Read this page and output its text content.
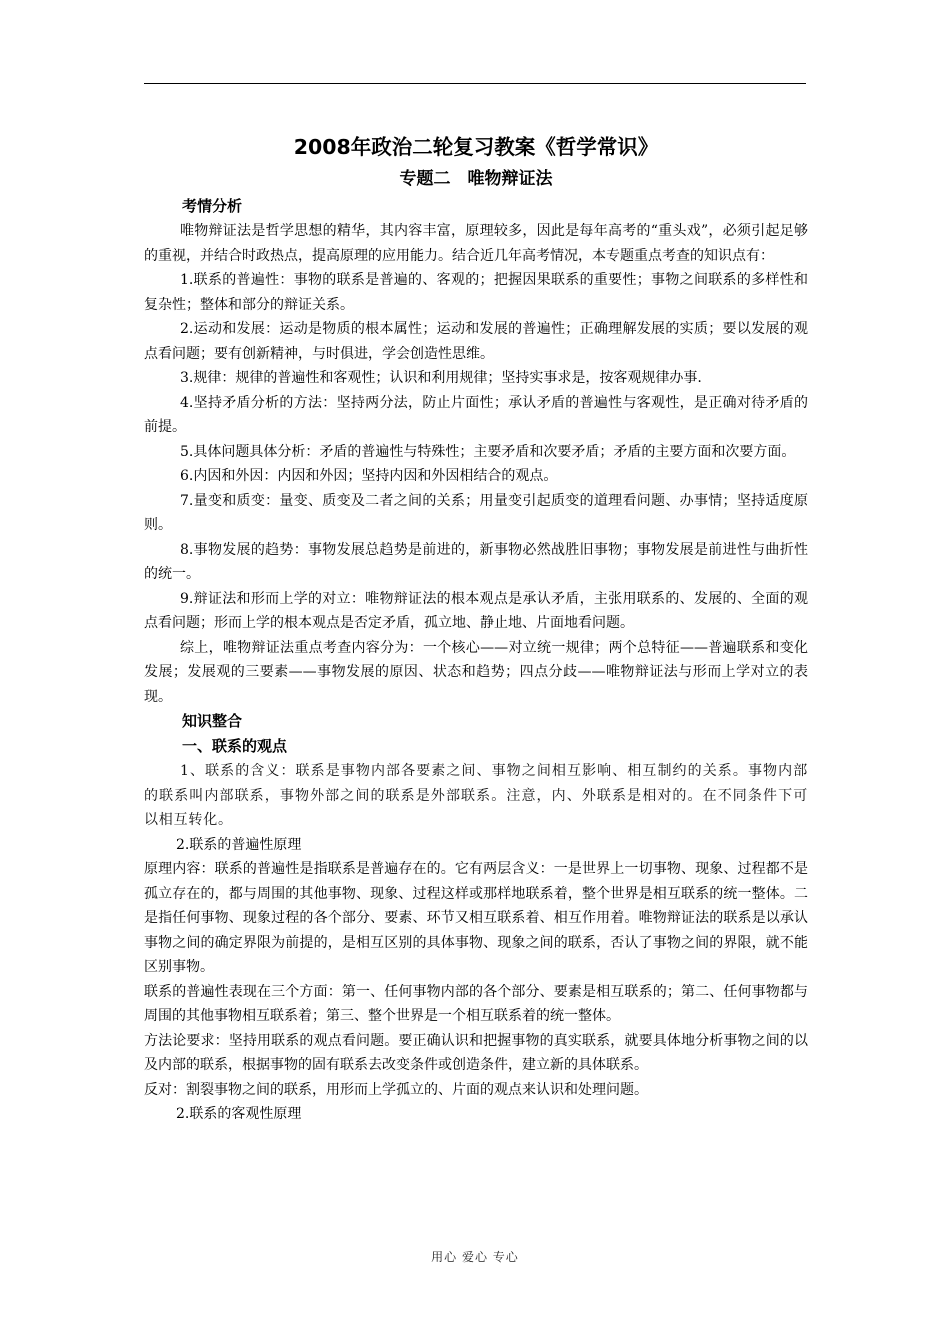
2008年政治二轮复习教案《哲学常识》
专题二　唯物辩证法
考情分析

唯物辩证法是哲学思想的精华，其内容丰富，原理较多，因此是每年高考的“重头戏”，必须引起足够的重视，并结合时政热点，提高原理的应用能力。结合近几年高考情况，本专题重点考查的知识点有：

1.联系的普遍性：事物的联系是普遍的、客观的；把握因果联系的重要性；事物之间联系的多样性和复杂性；整体和部分的辩证关系。

2.运动和发展：运动是物质的根本属性；运动和发展的普遍性；正确理解发展的实质；要以发展的观点看问题；要有创新精神，与时俱进，学会创造性思维。

3.规律：规律的普遍性和客观性；认识和利用规律；坚持实事求是，按客观规律办事.

4.坚持矛盾分析的方法：坚持两分法，防止片面性；承认矛盾的普遍性与客观性，是正确对待矛盾的前提。

5.具体问题具体分析：矛盾的普遍性与特殊性；主要矛盾和次要矛盾；矛盾的主要方面和次要方面。

6.内因和外因：内因和外因；坚持内因和外因相结合的观点。

7.量变和质变：量变、质变及二者之间的关系；用量变引起质变的道理看问题、办事情；坚持适度原则。

8.事物发展的趋势：事物发展总趋势是前进的，新事物必然战胜旧事物；事物发展是前进性与曲折性的统一。

9.辩证法和形而上学的对立：唯物辩证法的根本观点是承认矛盾，主张用联系的、发展的、全面的观点看问题；形而上学的根本观点是否定矛盾，孤立地、静止地、片面地看问题。

综上，唯物辩证法重点考查内容分为：一个核心——对立统一规律；两个总特征——普遍联系和变化发展；发展观的三要素——事物发展的原因、状态和趋势；四点分歧——唯物辩证法与形而上学对立的表现。

知识整合
一、联系的观点

1、联系的含义：联系是事物内部各要素之间、事物之间相互影响、相互制约的关系。事物内部的联系叫内部联系，事物外部之间的联系是外部联系。注意，内、外联系是相对的。在不同条件下可以相互转化。

2.联系的普遍性原理

原理内容：联系的普遍性是指联系是普遍存在的。它有两层含义：一是世界上一切事物、现象、过程都不是孤立存在的，都与周围的其他事物、现象、过程这样或那样地联系着，整个世界是相互联系的统一整体。二是指任何事物、现象过程的各个部分、要素、环节又相互联系着、相互作用着。唯物辩证法的联系是以承认事物之间的确定界限为前提的，是相互区别的具体事物、现象之间的联系，否认了事物之间的界限，就不能区别事物。

联系的普遍性表现在三个方面：第一、任何事物内部的各个部分、要素是相互联系的；第二、任何事物都与周围的其他事物相互联系着；第三、整个世界是一个相互联系着的统一整体。

方法论要求：坚持用联系的观点看问题。要正确认识和把握事物的真实联系，就要具体地分析事物之间的以及内部的联系，根据事物的固有联系去改变条件或创造条件，建立新的具体联系。

反对：割裂事物之间的联系，用形而上学孤立的、片面的观点来认识和处理问题。

2.联系的客观性原理

用心 爱心 专心
